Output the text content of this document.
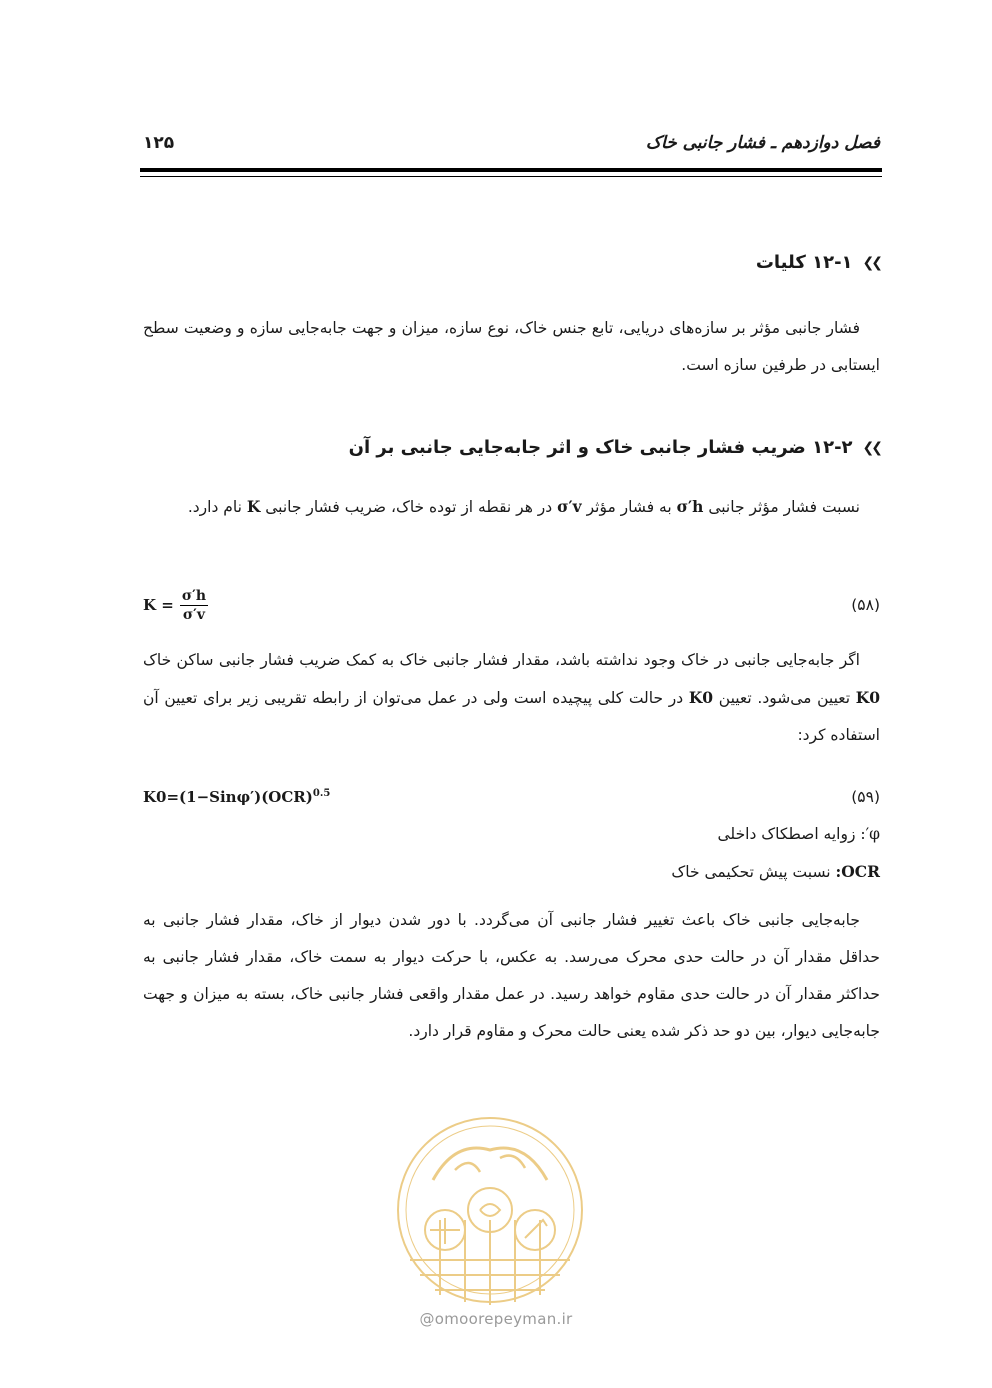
فصل دوازدهم ـ فشار جانبی خاک
۱۲۵
❯❯
۱۲-۱ کلیات

فشار جانبی مؤثر بر سازه‌های دریایی، تابع جنس خاک، نوع سازه، میزان و جهت جابه‌جایی سازه و وضعیت سطح ایستابی در طرفین سازه است.

❯❯
۱۲-۲ ضریب فشار جانبی خاک و اثر جابه‌جایی جانبی بر آن

نسبت فشار مؤثر جانبی σ′h به فشار مؤثر σ′v در هر نقطه از توده خاک، ضریب فشار جانبی K نام دارد.

(۵۸)
$K = \frac{\sigma'h}{\sigma'v}$

اگر جابه‌جایی جانبی در خاک وجود نداشته باشد، مقدار فشار جانبی خاک به کمک ضریب فشار جانبی ساکن خاک K0 تعیین می‌شود. تعیین K0 در حالت کلی پیچیده است ولی در عمل می‌توان از رابطه تقریبی زیر برای تعیین آن استفاده کرد:

(۵۹)
K0=(1−Sinφ′)(OCR)$^{0.5}$
φ′: زوایه اصطکاک داخلی
OCR: نسبت پیش تحکیمی خاک

جابه‌جایی جانبی خاک باعث تغییر فشار جانبی آن می‌گردد. با دور شدن دیوار از خاک، مقدار فشار جانبی به حداقل مقدار آن در حالت حدی محرک می‌رسد. به عکس، با حرکت دیوار به سمت خاک، مقدار فشار جانبی به حداکثر مقدار آن در حالت حدی مقاوم خواهد رسید. در عمل مقدار واقعی فشار جانبی خاک، بسته به میزان و جهت جابه‌جایی دیوار، بین دو حد ذکر شده یعنی حالت محرک و مقاوم قرار دارد.

@omoorepeyman.ir
